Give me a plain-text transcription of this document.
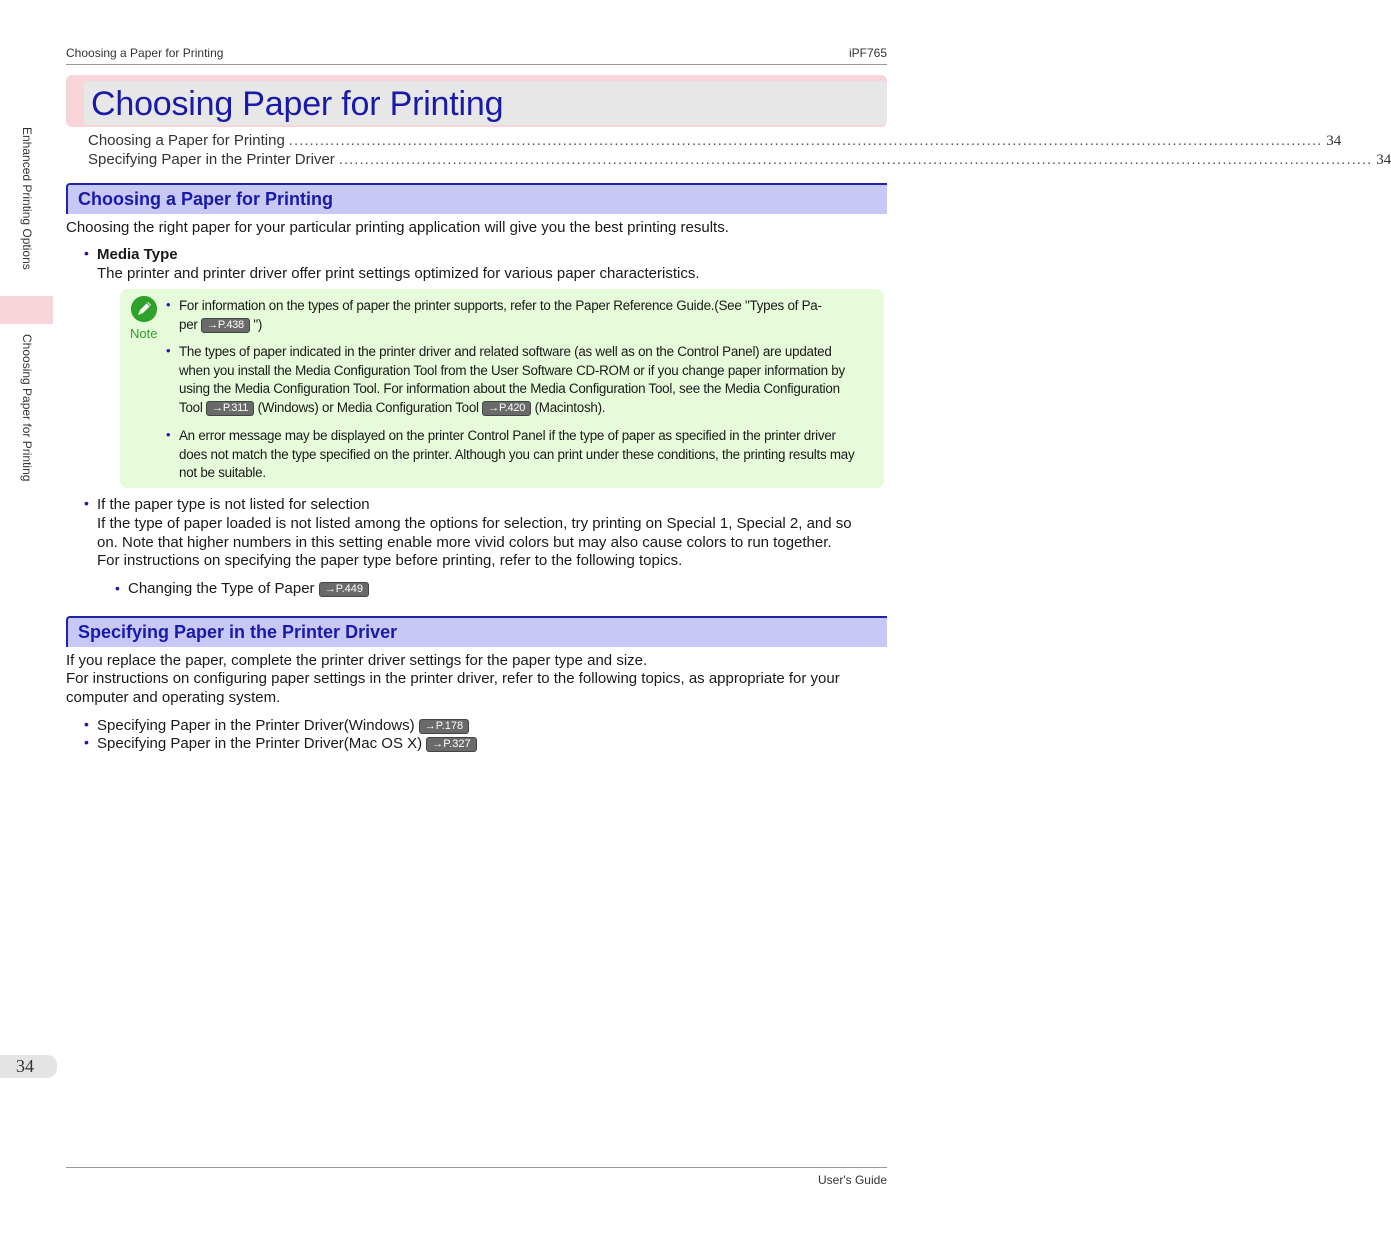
Choosing a Paper for Printing	iPF765
Enhanced Printing Options
Choosing Paper for Printing
Choosing Paper for Printing
Choosing a Paper for Printing ........................................................................................................................................................................................................ 34
Specifying Paper in the Printer Driver ........................................................................................................................................................................................................ 34
Choosing a Paper for Printing
Choosing the right paper for your particular printing application will give you the best printing results.
• Media Type
The printer and printer driver offer print settings optimized for various paper characteristics.
Note
• For information on the types of paper the printer supports, refer to the Paper Reference Guide.(See "Types of Pa-
per →P.438 ")
• The types of paper indicated in the printer driver and related software (as well as on the Control Panel) are updated
when you install the Media Configuration Tool from the User Software CD-ROM or if you change paper information by
using the Media Configuration Tool. For information about the Media Configuration Tool, see the Media Configuration
Tool →P.311 (Windows) or Media Configuration Tool →P.420 (Macintosh).
• An error message may be displayed on the printer Control Panel if the type of paper as specified in the printer driver
does not match the type specified on the printer. Although you can print under these conditions, the printing results may
not be suitable.
• If the paper type is not listed for selection
If the type of paper loaded is not listed among the options for selection, try printing on Special 1, Special 2, and so
on. Note that higher numbers in this setting enable more vivid colors but may also cause colors to run together.
For instructions on specifying the paper type before printing, refer to the following topics.
• Changing the Type of Paper →P.449
Specifying Paper in the Printer Driver
If you replace the paper, complete the printer driver settings for the paper type and size.
For instructions on configuring paper settings in the printer driver, refer to the following topics, as appropriate for your
computer and operating system.
• Specifying Paper in the Printer Driver(Windows) →P.178
• Specifying Paper in the Printer Driver(Mac OS X) →P.327
34
User's Guide
